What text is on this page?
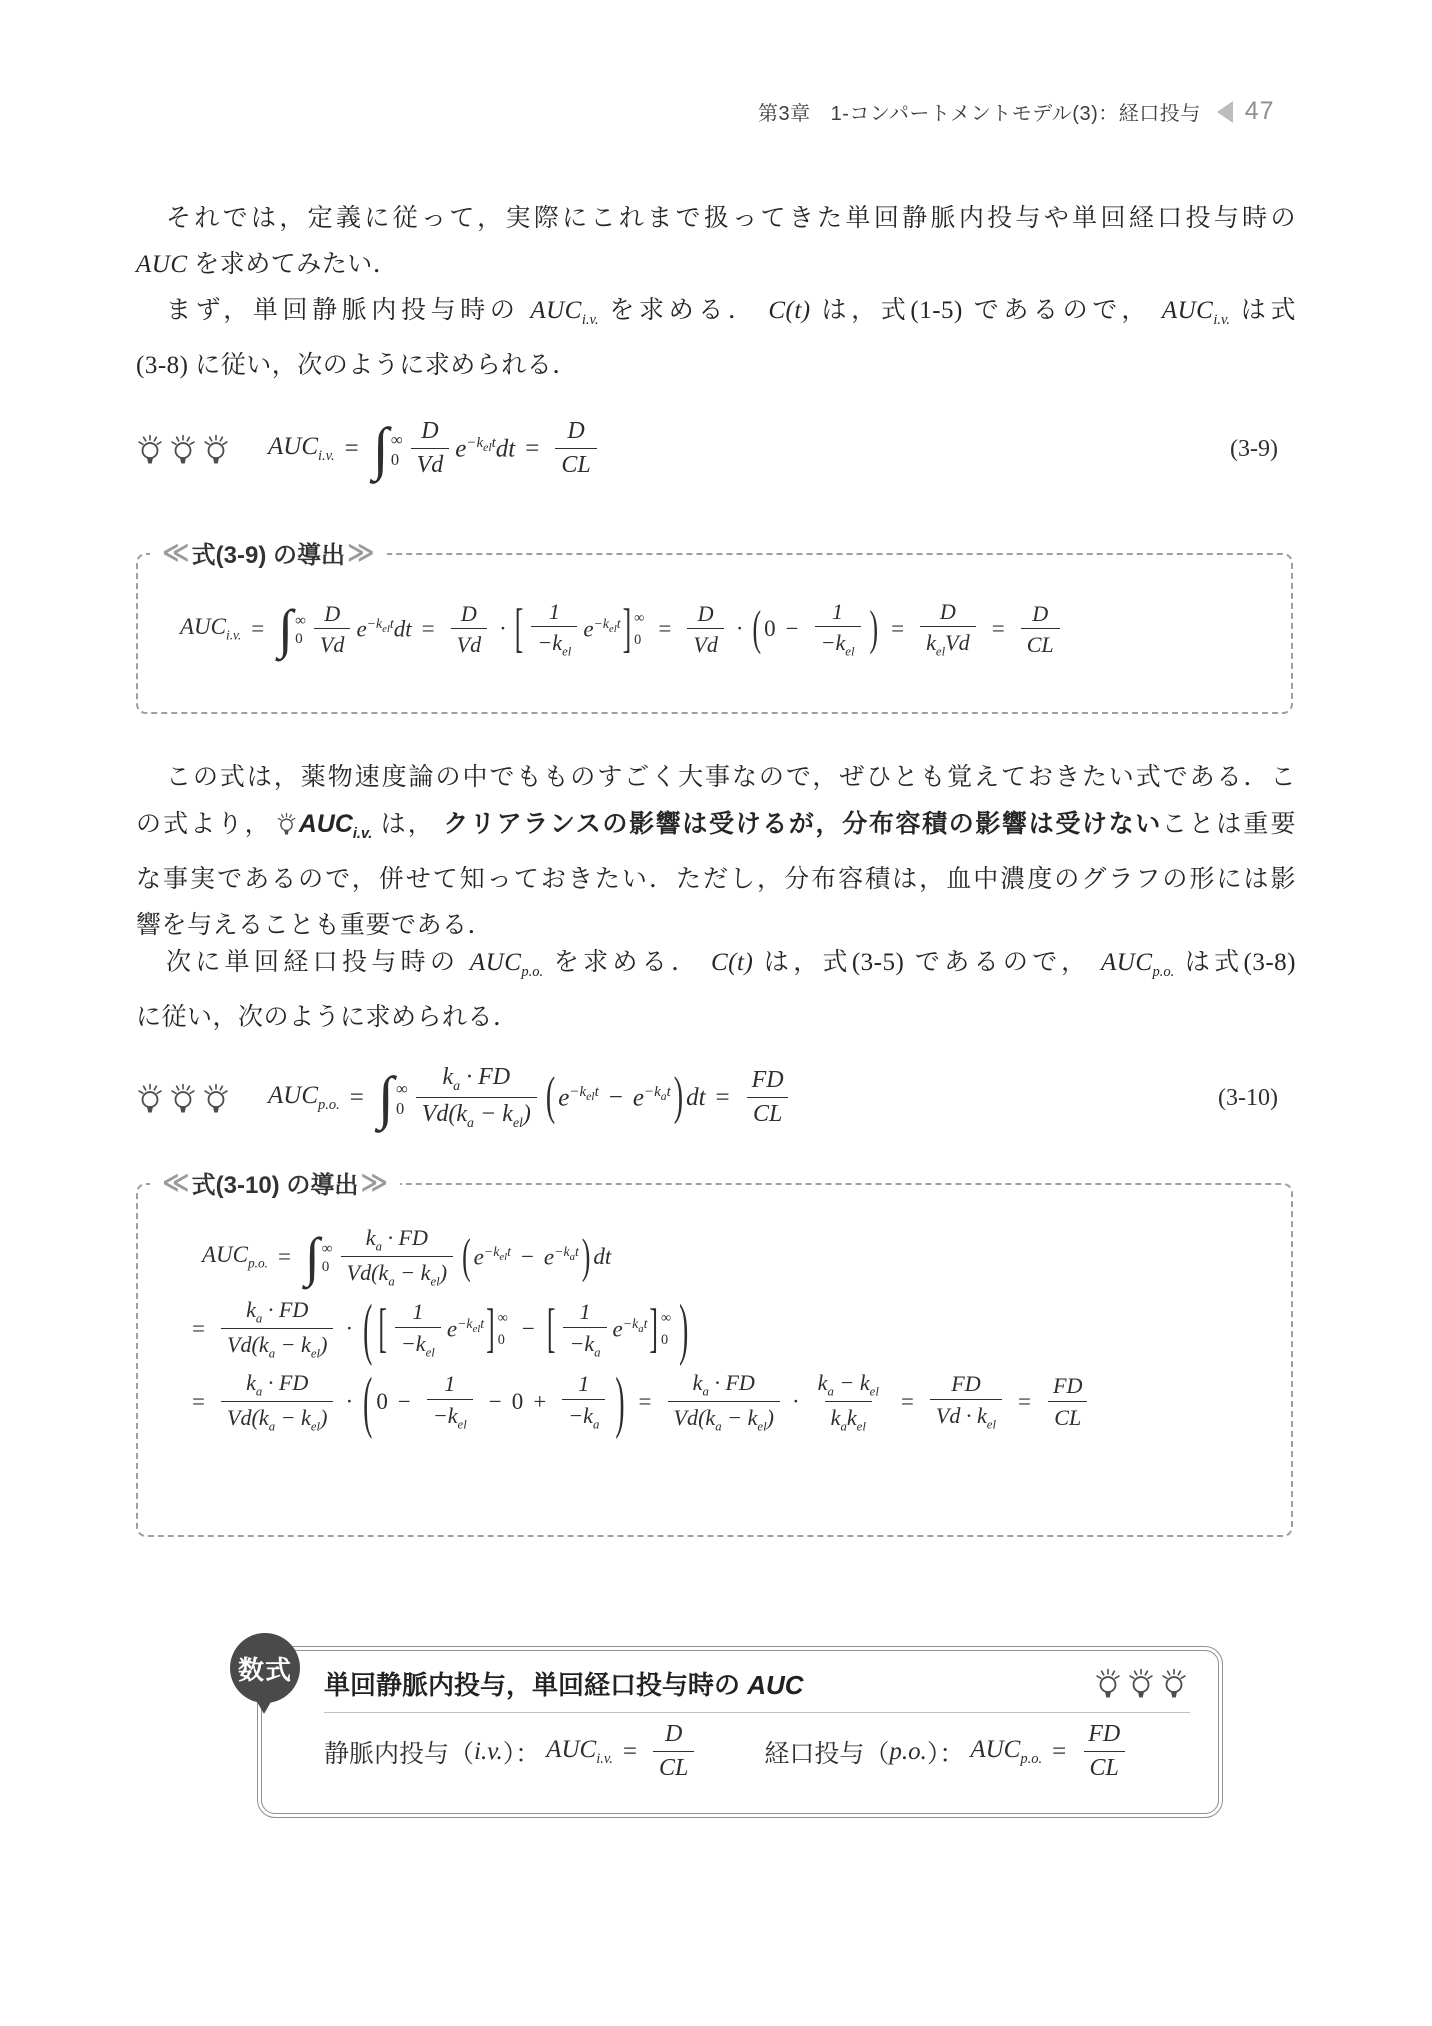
第3章 1-コンパートメントモデル(3)：経口投与 47
それでは，定義に従って，実際にこれまで扱ってきた単回静脈内投与や単回経口投与時の
AUC を求めてみたい．
まず，単回静脈内投与時の $AUC_{i.v.}$ を求める． C(t) は，式(1-5) であるので， $AUC_{i.v.}$ は式
(3-8) に従い，次のように求められる．
$AUC_{i.v.}$ = ∫ ∞
0
D
Vd
$e^{-k_{el}t}dt = \frac{D}{CL}$	(3-9)
≪ 式(3-9) の導出 ≫
$AUC_{i.v.}$ = ∫ ∞
0
D
Vd
$e^{-k_{el}t}dt = \frac{D}{Vd}$ · [ 1
$-k_{el}$
$e^{-k_{el}t}$ ] ∞
$0 = \frac{D}{Vd}$ · ( 0 −
1
$-k_{el}$ ) =
D
$k_{el}Vd$
= $\frac{D}{CL}$
この式は，薬物速度論の中でもものすごく大事なので，ぜひとも覚えておきたい式である．こ
の式より， $AUC_{i.v.}$ は， クリアランスの影響は受けるが，分布容積の影響は受けないことは重要
な事実であるので，併せて知っておきたい．ただし，分布容積は，血中濃度のグラフの形には影
響を与えることも重要である．
次に単回経口投与時の $AUC_{p.o.}$ を求める． C(t) は，式(3-5) であるので， $AUC_{p.o.}$ は式(3-8)
に従い，次のように求められる．
$AUC_{p.o.}$ = ∫ ∞
0
$k_a$ · FD
$Vd(k_a - k_{el})$ ( $e^{-k_{el}t} - e^{-k_at}$ ) dt = $\frac{FD}{CL}$	(3-10)
≪ 式(3-10) の導出 ≫
$AUC_{p.o.}$ = ∫ ∞
0
$k_a$ · FD
$Vd(k_a - k_{el})$ ( $e^{-k_{el}t} - e^{-k_at}$ ) dt
=
$k_a$ · FD
$Vd(k_a - k_{el})$
· ( [ 1
$-k_{el}$
$e^{-k_{el}t}$ ] ∞
0 − [ 1
$-k_a$
$e^{-k_at}$ ] ∞
0 )
=
$k_a$ · FD
$Vd(k_a - k_{el})$
· ( 0 −
1
$-k_{el}$
− $0 + \frac{1}{-k_a}$ ) =
$k_a$ · FD
$Vd(k_a - k_{el})$
·
$k_a - k_{el}$
$k_ak_{el}$
=
FD
$Vd \cdot k_{el}$
= $\frac{FD}{CL}$
数式
単回静脈内投与，単回経口投与時の AUC
静脈内投与（ i.v. ）： $AUC_{i.v.} = \frac{D}{CL}$	経口投与（ p.o. ）： $AUC_{p.o.} = \frac{FD}{CL}$
